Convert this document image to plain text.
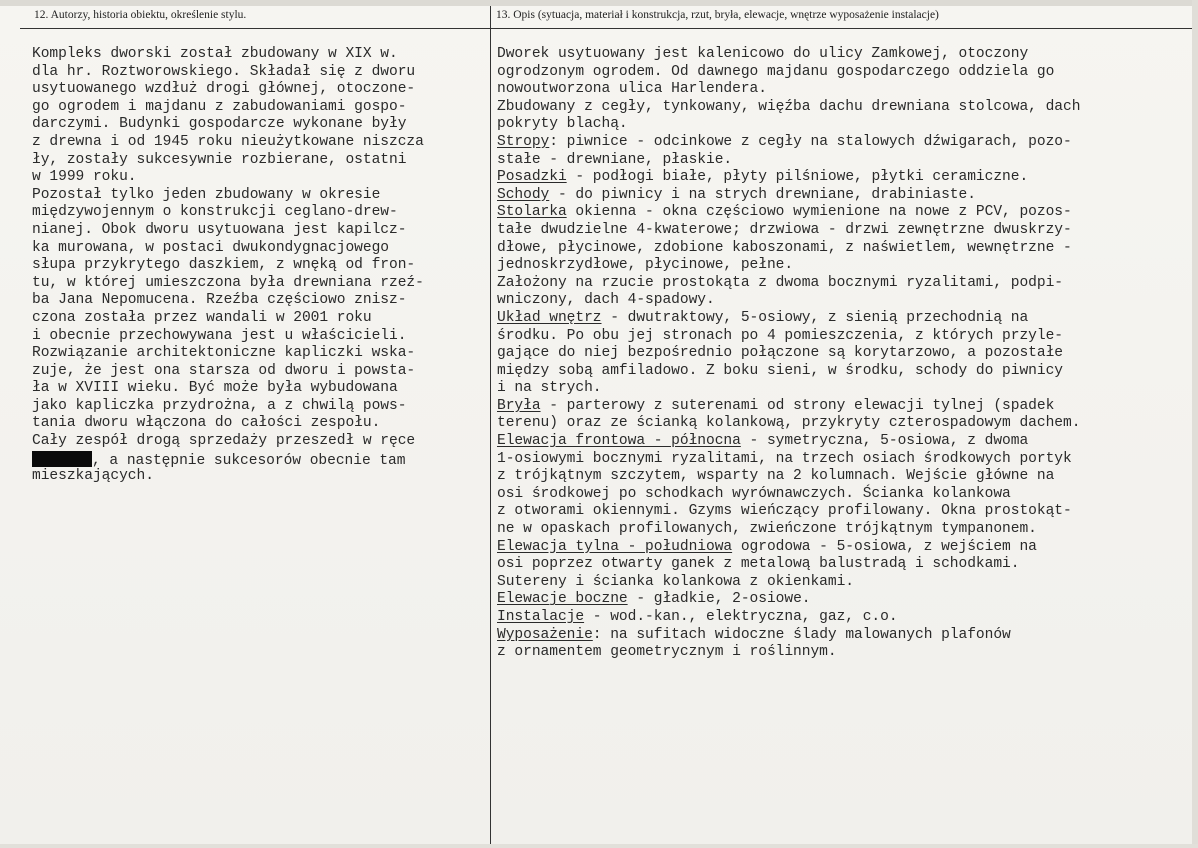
12. Autorzy, historia obiektu, określenie stylu.	13. Opis (sytuacja, materiał i konstrukcja, rzut, bryła, elewacje, wnętrze wyposażenie instalacje)
Kompleks dworski został zbudowany w XIX w.
dla hr. Roztworowskiego. Składał się z dworu
usytuowanego wzdłuż drogi głównej, otoczone-
go ogrodem i majdanu z zabudowaniami gospo-
darczymi. Budynki gospodarcze wykonane były
z drewna i od 1945 roku nieużytkowane niszcza
ły, zostały sukcesywnie rozbierane, ostatni
w 1999 roku.
Pozostał tylko jeden zbudowany w okresie
międzywojennym o konstrukcji ceglano-drew-
nianej. Obok dworu usytuowana jest kapilcz-
ka murowana, w postaci dwukondygnacjowego
słupa przykrytego daszkiem, z wnęką od fron-
tu, w której umieszczona była drewniana rzeź-
ba Jana Nepomucena. Rzeźba częściowo znisz-
czona została przez wandali w 2001 roku
i obecnie przechowywana jest u właścicieli.
Rozwiązanie architektoniczne kapliczki wska-
zuje, że jest ona starsza od dworu i powsta-
ła w XVIII wieku. Być może była wybudowana
jako kapliczka przydrożna, a z chwilą pows-
tania dworu włączona do całości zespołu.
Cały zespół drogą sprzedaży przeszedł w ręce
, a następnie sukcesorów obecnie tam
mieszkających.
Dworek usytuowany jest kalenicowo do ulicy Zamkowej, otoczony
ogrodzonym ogrodem. Od dawnego majdanu gospodarczego oddziela go
nowoutworzona ulica Harlendera.
Zbudowany z cegły, tynkowany, więźba dachu drewniana stolcowa, dach
pokryty blachą.
Stropy: piwnice - odcinkowe z cegły na stalowych dźwigarach, pozo-
stałe - drewniane, płaskie.
Posadzki - podłogi białe, płyty pilśniowe, płytki ceramiczne.
Schody - do piwnicy i na strych drewniane, drabiniaste.
Stolarka okienna - okna częściowo wymienione na nowe z PCV, pozos-
tałe dwudzielne 4-kwaterowe; drzwiowa - drzwi zewnętrzne dwuskrzy-
dłowe, płycinowe, zdobione kaboszonami, z naświetlem, wewnętrzne -
jednoskrzydłowe, płycinowe, pełne.
Założony na rzucie prostokąta z dwoma bocznymi ryzalitami, podpi-
wniczony, dach 4-spadowy.
Układ wnętrz - dwutraktowy, 5-osiowy, z sienią przechodnią na
środku. Po obu jej stronach po 4 pomieszczenia, z których przyle-
gające do niej bezpośrednio połączone są korytarzowo, a pozostałe
między sobą amfiladowo. Z boku sieni, w środku, schody do piwnicy
i na strych.
Bryła - parterowy z suterenami od strony elewacji tylnej (spadek
terenu) oraz ze ścianką kolankową, przykryty czterospadowym dachem.
Elewacja frontowa - północna - symetryczna, 5-osiowa, z dwoma
1-osiowymi bocznymi ryzalitami, na trzech osiach środkowych portyk
z trójkątnym szczytem, wsparty na 2 kolumnach. Wejście główne na
osi środkowej po schodkach wyrównawczych. Ścianka kolankowa
z otworami okiennymi. Gzyms wieńczący profilowany. Okna prostokąt-
ne w opaskach profilowanych, zwieńczone trójkątnym tympanonem.
Elewacja tylna - południowa ogrodowa - 5-osiowa, z wejściem na
osi poprzez otwarty ganek z metalową balustradą i schodkami.
Sutereny i ścianka kolankowa z okienkami.
Elewacje boczne - gładkie, 2-osiowe.
Instalacje - wod.-kan., elektryczna, gaz, c.o.
Wyposażenie: na sufitach widoczne ślady malowanych plafonów
z ornamentem geometrycznym i roślinnym.
